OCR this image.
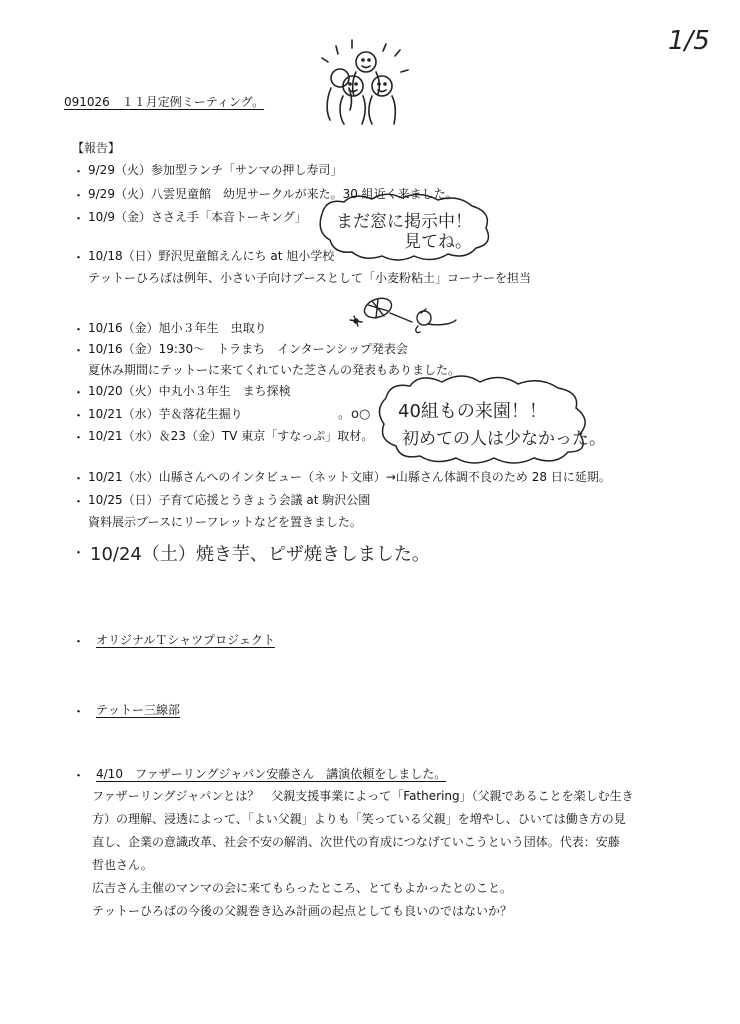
1/5
091026　１１月定例ミーティング。
【報告】
・ 9/29（火）参加型ランチ「サンマの押し寿司」
・ 9/29（火）八雲児童館　幼児サークルが来た。30 組近く来ました。
・ 10/9（金）ささえ手「本音トーキング」 まだ窓に掲示中！
見てね。
・ 10/18（日）野沢児童館えんにち at 旭小学校
テットーひろばは例年、小さい子向けブースとして「小麦粉粘土」コーナーを担当
・ 10/16（金）旭小３年生　虫取り
・ 10/16（金）19:30～　トラまち　インターンシップ発表会
夏休み期間にテットーに来てくれていた芝さんの発表もありました。
・ 10/20（火）中丸小３年生　まち探検
・ 10/21（水）芋＆落花生掘り	。o○ 40組もの来園！！
初めての人は少なかった。
・ 10/21（水）＆23（金）TV 東京「すなっぷ」取材。
・ 10/21（水）山縣さんへのインタビュー（ネット文庫）→山縣さん体調不良のため 28 日に延期。
・ 10/25（日）子育て応援とうきょう会議 at 駒沢公園
資料展示ブースにリーフレットなどを置きました。
・ 10/24（土）焼き芋、ピザ焼きしました。
・ オリジナルＴシャツプロジェクト
・ テットー三線部
・ 4/10　ファザーリングジャパン安藤さん　講演依頼をしました。
ファザーリングジャパンとは？　父親支援事業によって「Fathering」（父親であることを楽しむ生き
方）の理解、浸透によって、「よい父親」よりも「笑っている父親」を増やし、ひいては働き方の見
直し、企業の意識改革、社会不安の解消、次世代の育成につなげていこうという団体。代表：安藤
哲也さん。
広吉さん主催のマンマの会に来てもらったところ、とてもよかったとのこと。
テットーひろばの今後の父親巻き込み計画の起点としても良いのではないか？
